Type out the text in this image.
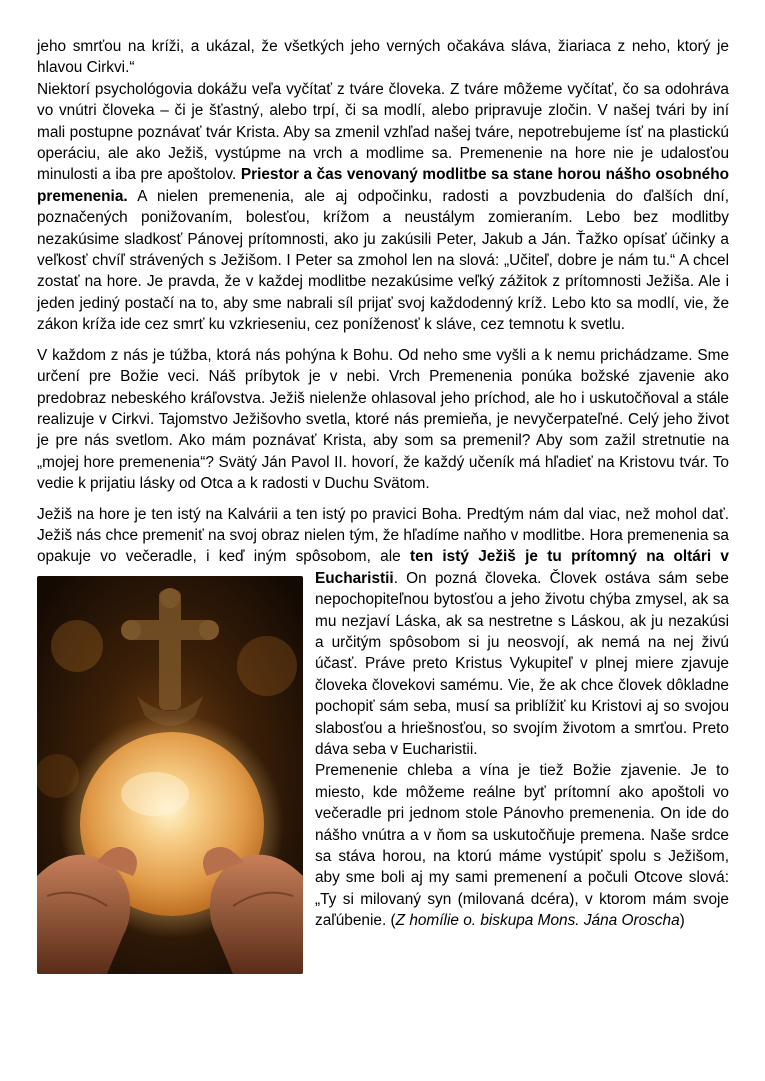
jeho smrťou na kríži, a ukázal, že všetkých jeho verných očakáva sláva, žiariaca z neho, ktorý je hlavou Cirkvi.“

Niektorí psychológovia dokážu veľa vyčítať z tváre človeka. Z tváre môžeme vyčítať, čo sa odohráva vo vnútri človeka – či je šťastný, alebo trpí, či sa modlí, alebo pripravuje zločin. V našej tvári by iní mali postupne poznávať tvár Krista. Aby sa zmenil vzhľad našej tváre, nepotrebujeme ísť na plastickú operáciu, ale ako Ježiš, vystúpme na vrch a modlime sa. Premenenie na hore nie je udalosťou minulosti a iba pre apoštolov. Priestor a čas venovaný modlitbe sa stane horou nášho osobného premenenia. A nielen premenenia, ale aj odpočinku, radosti a povzbudenia do ďalších dní, poznačených ponižovaním, bolesťou, krížom a neustálym zomieraním. Lebo bez modlitby nezakúsime sladkosť Pánovej prítomnosti, ako ju zakúsili Peter, Jakub a Ján. Ťažko opísať účinky a veľkosť chvíľ strávených s Ježišom. I Peter sa zmohol len na slová: „Učiteľ, dobre je nám tu.“ A chcel zostať na hore. Je pravda, že v každej modlitbe nezakúsime veľký zážitok z prítomnosti Ježiša. Ale i jeden jediný postačí na to, aby sme nabrali síl prijať svoj každodenný kríž. Lebo kto sa modlí, vie, že zákon kríža ide cez smrť ku vzkrieseniu, cez poníženosť k sláve, cez temnotu k svetlu.

V každom z nás je túžba, ktorá nás pohýna k Bohu. Od neho sme vyšli a k nemu prichádzame. Sme určení pre Božie veci. Náš príbytok je v nebi. Vrch Premenenia ponúka božské zjavenie ako predobraz nebeského kráľovstva. Ježiš nielenže ohlasoval jeho príchod, ale ho i uskutočňoval a stále realizuje v Cirkvi. Tajomstvo Ježišovho svetla, ktoré nás premieňa, je nevyčerpateľné. Celý jeho život je pre nás svetlom. Ako mám poznávať Krista, aby som sa premenil? Aby som zažil stretnutie na „mojej hore premenenia“? Svätý Ján Pavol II. hovorí, že každý učeník má hľadieť na Kristovu tvár. To vedie k prijatiu lásky od Otca a k radosti v Duchu Svätom.

Ježiš na hore je ten istý na Kalvárii a ten istý po pravici Boha. Predtým nám dal viac, než mohol dať. Ježiš nás chce premeniť na svoj obraz nielen tým, že hľadíme naňho v modlitbe. Hora premenenia sa opakuje vo večeradle, i keď iným spôsobom, ale ten istý Ježiš je tu prítomný na oltári v Eucharistii
. On pozná človeka. Človek ostáva sám sebe nepochopiteľnou bytosťou a jeho životu chýba zmysel, ak sa mu nezjaví Láska, ak sa nestretne s Láskou, ak ju nezakúsi a určitým spôsobom si ju neosvojí, ak nemá na nej živú účasť. Práve preto Kristus Vykupiteľ v plnej miere zjavuje človeka človekovi samému. Vie, že ak chce človek dôkladne pochopiť sám seba, musí sa priblížiť ku Kristovi aj so svojou slabosťou a hriešnosťou, so svojím životom a smrťou. Preto dáva seba v Eucharistii.

Premenenie chleba a vína je tiež Božie zjavenie. Je to miesto, kde môžeme reálne byť prítomní ako apoštoli vo večeradle pri jednom stole Pánovho premenenia. On ide do nášho vnútra a v ňom sa uskutočňuje premena. Naše srdce sa stáva horou, na ktorú máme vystúpiť spolu s Ježišom, aby sme boli aj my sami premenení a počuli Otcove slová: „Ty si milovaný syn (milovaná dcéra), v ktorom mám svoje zaľúbenie. (Z homílie o. biskupa Mons. Jána Oroscha)
